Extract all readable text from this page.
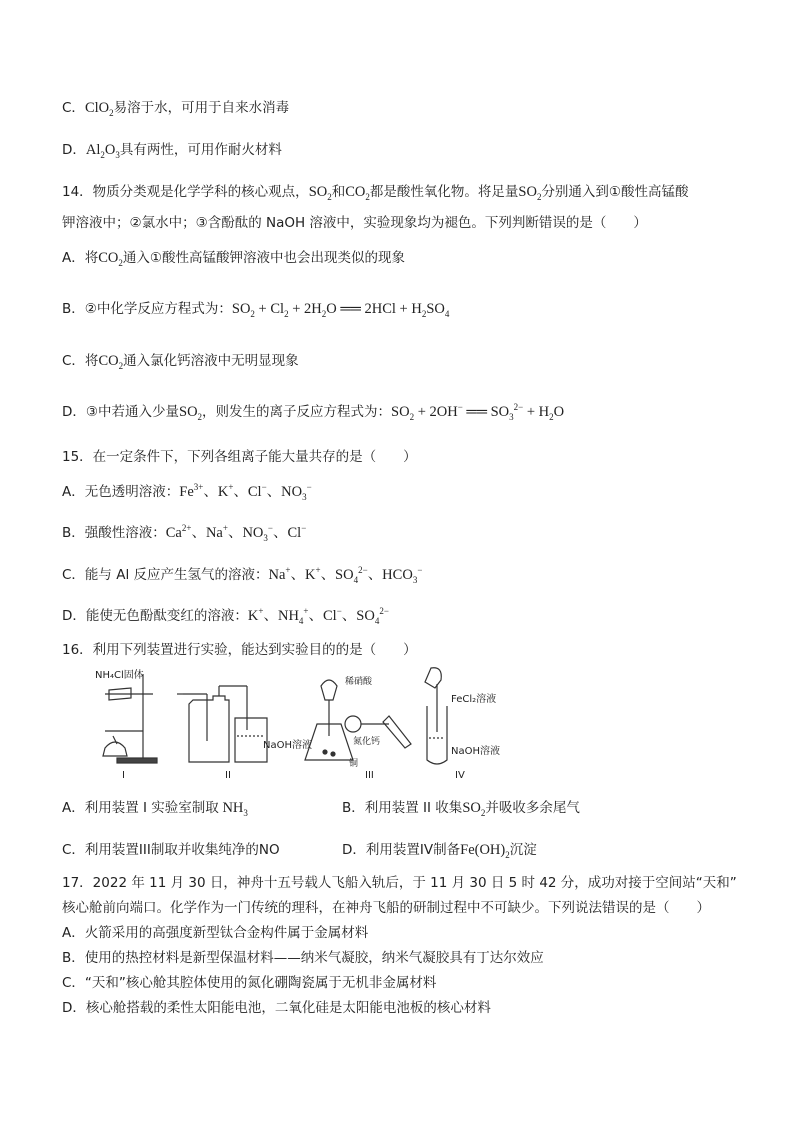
C．ClO$_2$易溶于水，可用于自来水消毒
D．$Al_2O_3$具有两性，可用作耐火材料
14．物质分类观是化学学科的核心观点，$SO_2$和$CO_2$都是酸性氧化物。将足量$SO_2$分别通入到①酸性高锰酸
钾溶液中；②氯水中；③含酚酞的 NaOH 溶液中，实验现象均为褪色。下列判断错误的是（　　）
A．将$CO_2$通入①酸性高锰酸钾溶液中也会出现类似的现象
B．②中化学反应方程式为：$SO_2 + Cl_2 + 2H_2O$ ══ $2HCl + H_2SO_4$
C．将$CO_2$通入氯化钙溶液中无明显现象
D．③中若通入少量$SO_2$，则发生的离子反应方程式为：$SO_2 + 2OH^-$ ══ $SO_3^{2-} + H_2O$
15．在一定条件下，下列各组离子能大量共存的是（　　）
A．无色透明溶液：$Fe^{3+}$、K+、Cl−、$NO_3^-$
B．强酸性溶液：$Ca^{2+}$、Na+、$NO_3^-$、Cl−
C．能与 Al 反应产生氢气的溶液：Na+、K+、$SO_4^{2-}$、$HCO_3^-$
D．能使无色酚酞变红的溶液：K+、$NH_4^+$、Cl−、$SO_4^{2-}$
16．利用下列装置进行实验，能达到实验目的的是（　　）
NH₄Cl固体
I
NaOH溶液
II
稀硝酸
氮化钙
铜
III
FeCl₂溶液
NaOH溶液
IV
A．利用装置 I 实验室制取 $NH_3$	B．利用装置 II 收集$SO_2$并吸收多余尾气
C．利用装置III制取并收集纯净的NO	D．利用装置IV制备$Fe(OH)_2$沉淀
17．2022 年 11 月 30 日，神舟十五号载人飞船入轨后，于 11 月 30 日 5 时 42 分，成功对接于空间站“天和”
核心舱前向端口。化学作为一门传统的理科，在神舟飞船的研制过程中不可缺少。下列说法错误的是（　　）
A．火箭采用的高强度新型钛合金构件属于金属材料
B．使用的热控材料是新型保温材料——纳米气凝胶，纳米气凝胶具有丁达尔效应
C．“天和”核心舱其腔体使用的氮化硼陶瓷属于无机非金属材料
D．核心舱搭载的柔性太阳能电池，二氧化硅是太阳能电池板的核心材料
